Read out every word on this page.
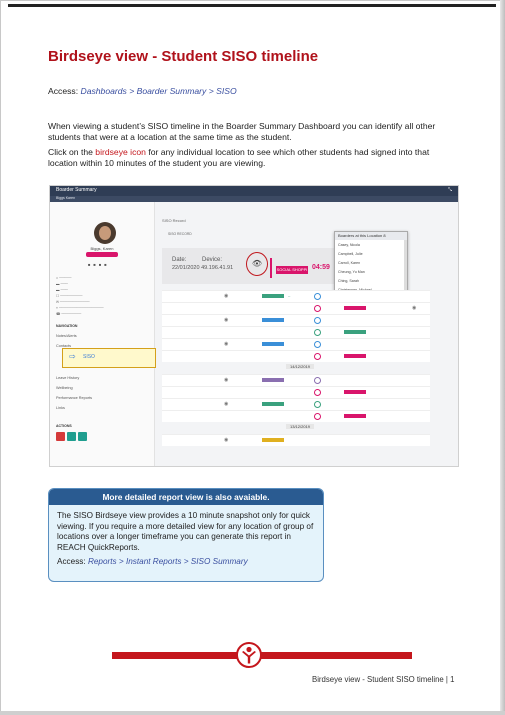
Birdseye view - Student SISO timeline
Access: Dashboards > Boarder Summary > SISO
When viewing a student’s SISO timeline in the Boarder Summary Dashboard you can identify all other students that were at a location at the same time as the student.
Click on the birdseye icon for any individual location to see which other students had signed into that location within 10 minutes of the student you are viewing.
Boarder Summary	⤡
Biggs Karen
Biggs, Karen
■■■■
⌂ ─────
▬ ───
▬ ───
☐ ─────────
✉ ────────────
⌖ ──────────────────
☎ ────────
NAVIGATION
Notes/Alerts
Contacts
Leave History
Wellbeing
Performance Reports
Links
ACTIONS
⇨ SISO
SISO Record
SISO RECORD
Date:	Device:
22/01/2020 49.196.41.91	👁
SOCIAL SHOPPI 04:59
Boarders at this Location 8
Casey, Nicola
Campbell, Julie
Carroll, Karen
Cheung, Yu Man
Ching, Sarah
◉	─
◉
◉
◉
14/12/2019
◉
◉
13/12/2019
◉
More detailed report view is also avaiable.
The SISO Birdseye view provides a 10 minute snapshot only for quick viewing. If you require a more detailed view for any location of group of locations over a longer timeframe you can generate this report in REACH QuickReports.
Access: Reports > Instant Reports > SISO Summary
Birdseye view - Student SISO timeline | 1
